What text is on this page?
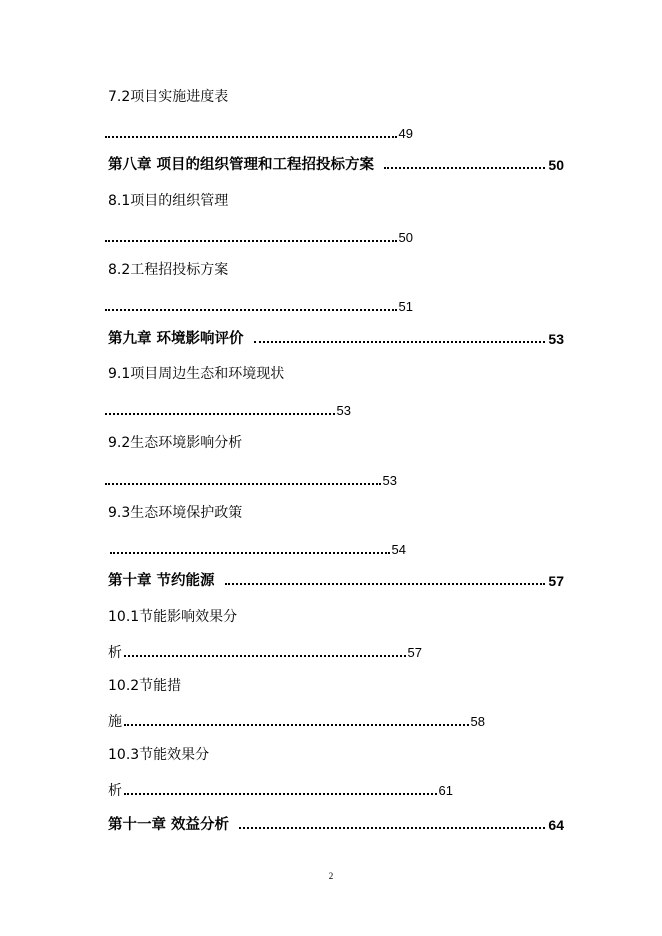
7.2项目实施进度表
49
第八章 项目的组织管理和工程招投标方案	50
8.1项目的组织管理
50
8.2工程招投标方案
51
第九章 环境影响评价	53
9.1项目周边生态和环境现状
53
9.2生态环境影响分析
53
9.3生态环境保护政策
54
第十章 节约能源	57
10.1节能影响效果分
析	57
10.2节能措
施	58
10.3节能效果分
析	61
第十一章 效益分析	64
2
